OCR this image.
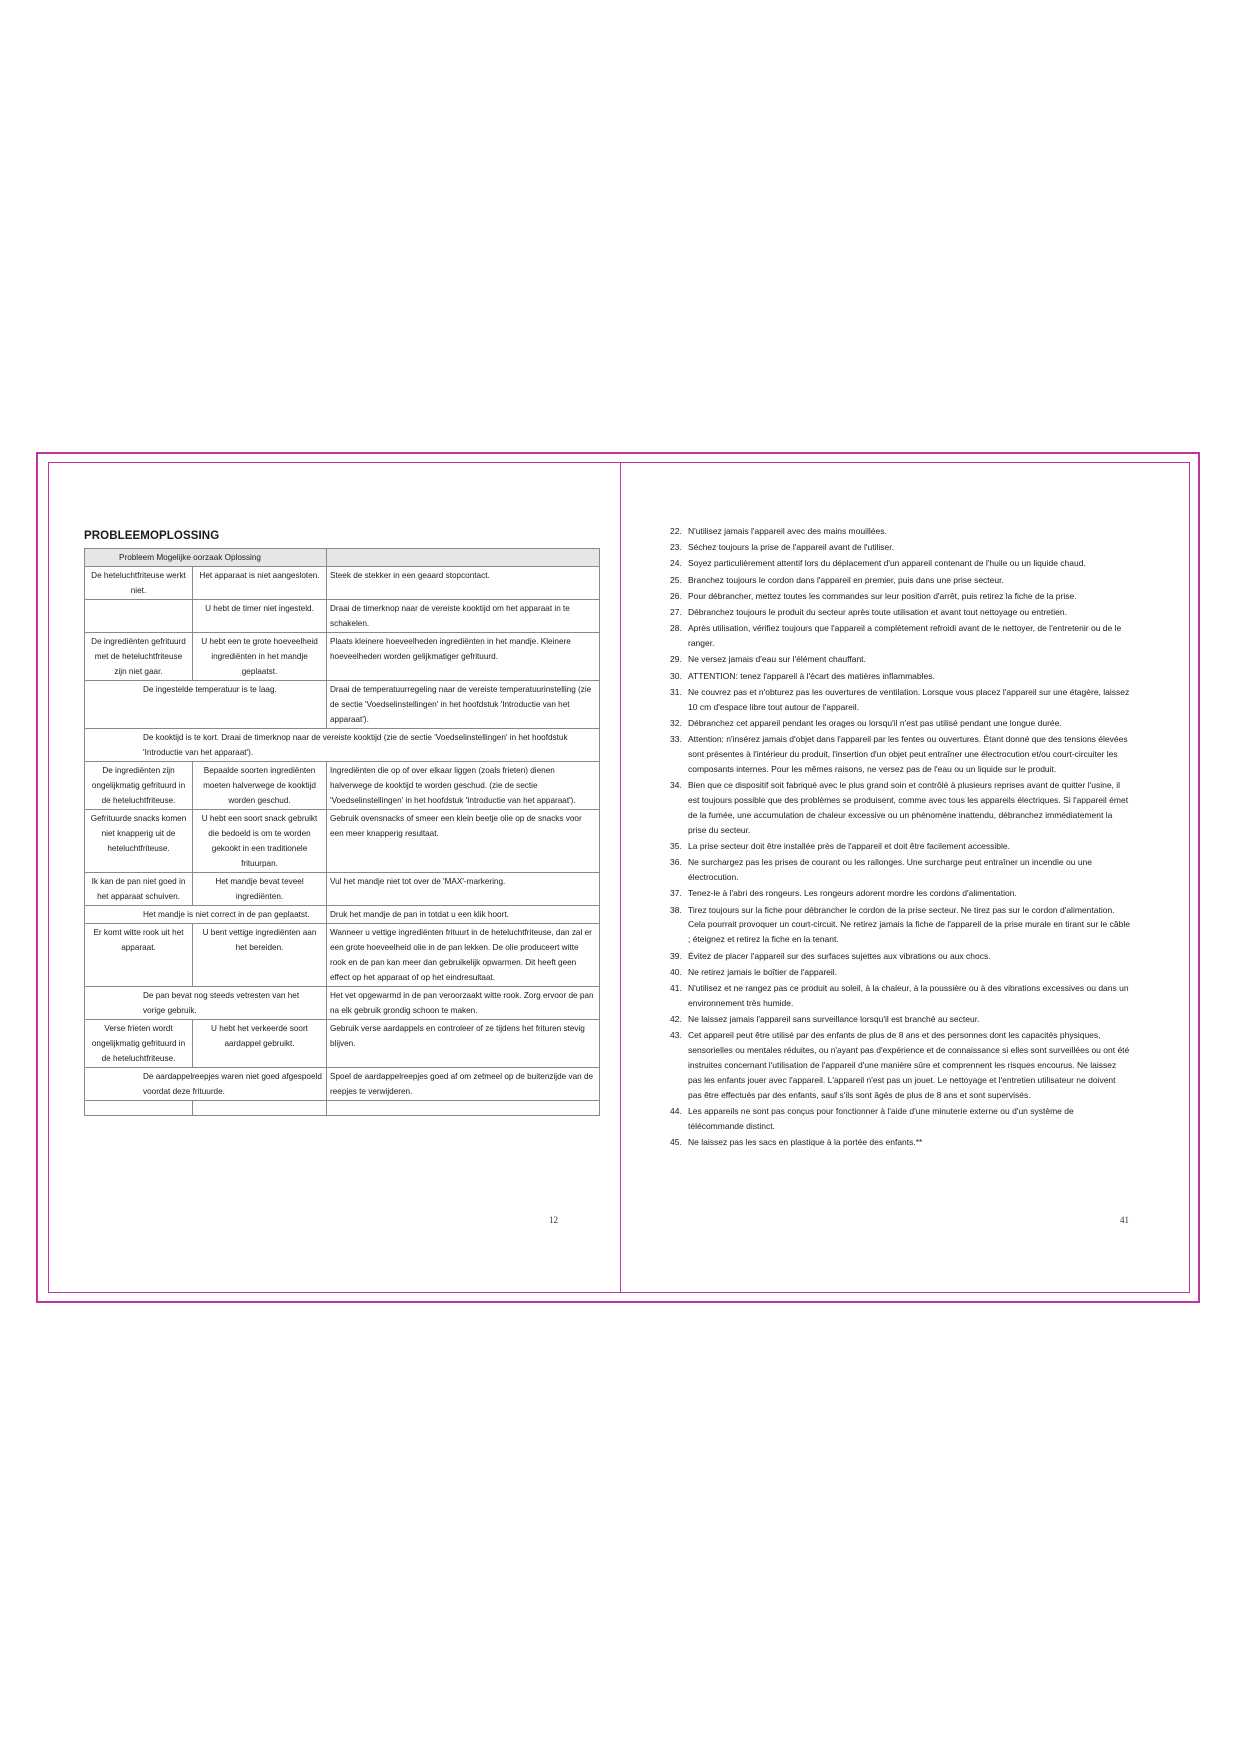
PROBLEEMOPLOSSING
Probleem Mogelijke oorzaak Oplossing		
De heteluchtfriteuse werkt niet.	Het apparaat is niet aangesloten.	Steek de stekker in een geaard stopcontact.
	U hebt de timer niet ingesteld.	Draai de timerknop naar de vereiste kooktijd om het apparaat in te schakelen.
De ingrediënten gefrituurd met de heteluchtfriteuse zijn niet gaar.	U hebt een te grote hoeveelheid ingrediënten in het mandje geplaatst.	Plaats kleinere hoeveelheden ingrediënten in het mandje. Kleinere hoeveelheden worden gelijkmatiger gefrituurd.
De ingestelde temperatuur is te laag.		Draai de temperatuurregeling naar de vereiste temperatuurinstelling (zie de sectie 'Voedselinstellingen' in het hoofdstuk 'Introductie van het apparaat').
De kooktijd is te kort. Draai de timerknop naar de vereiste kooktijd (zie de sectie 'Voedselinstellingen' in het hoofdstuk 'Introductie van het apparaat').		
De ingrediënten zijn ongelijkmatig gefrituurd in de heteluchtfriteuse.	Bepaalde soorten ingrediënten moeten halverwege de kooktijd worden geschud.	Ingrediënten die op of over elkaar liggen (zoals frieten) dienen halverwege de kooktijd te worden geschud. (zie de sectie 'Voedselinstellingen' in het hoofdstuk 'Introductie van het apparaat').
Gefrituurde snacks komen niet knapperig uit de heteluchtfriteuse.	U hebt een soort snack gebruikt die bedoeld is om te worden gekookt in een traditionele frituurpan.	Gebruik ovensnacks of smeer een klein beetje olie op de snacks voor een meer knapperig resultaat.
Ik kan de pan niet goed in het apparaat schuiven.	Het mandje bevat teveel ingrediënten.	Vul het mandje niet tot over de 'MAX'-markering.
Het mandje is niet correct in de pan geplaatst.		Druk het mandje de pan in totdat u een klik hoort.
Er komt witte rook uit het apparaat.	U bent vettige ingrediënten aan het bereiden.	Wanneer u vettige ingrediënten frituurt in de heteluchtfriteuse, dan zal er een grote hoeveelheid olie in de pan lekken. De olie produceert witte rook en de pan kan meer dan gebruikelijk opwarmen. Dit heeft geen effect op het apparaat of op het eindresultaat.
De pan bevat nog steeds vetresten van het vorige gebruik.		Het vet opgewarmd in de pan veroorzaakt witte rook. Zorg ervoor de pan na elk gebruik grondig schoon te maken.
Verse frieten wordt ongelijkmatig gefrituurd in de heteluchtfriteuse.	U hebt het verkeerde soort aardappel gebruikt.	Gebruik verse aardappels en controleer of ze tijdens het frituren stevig blijven.
De aardappelreepjes waren niet goed afgespoeld voordat deze frituurde.		Spoel de aardappelreepjes goed af om zetmeel op de buitenzijde van de reepjes te verwijderen.

12
22. N'utilisez jamais l'appareil avec des mains mouillées.
23. Séchez toujours la prise de l'appareil avant de l'utiliser.
24. Soyez particulièrement attentif lors du déplacement d'un appareil contenant de l'huile ou un liquide chaud.
25. Branchez toujours le cordon dans l'appareil en premier, puis dans une prise secteur.
26. Pour débrancher, mettez toutes les commandes sur leur position d'arrêt, puis retirez la fiche de la prise.
27. Débranchez toujours le produit du secteur après toute utilisation et avant tout nettoyage ou entretien.
28. Après utilisation, vérifiez toujours que l'appareil a complètement refroidi avant de le nettoyer, de l'entretenir ou de le ranger.
29. Ne versez jamais d'eau sur l'élément chauffant.
30. ATTENTION: tenez l'appareil à l'écart des matières inflammables.
31. Ne couvrez pas et n'obturez pas les ouvertures de ventilation. Lorsque vous placez l'appareil sur une étagère, laissez 10 cm d'espace libre tout autour de l'appareil.
32. Débranchez cet appareil pendant les orages ou lorsqu'il n'est pas utilisé pendant une longue durée.
33. Attention: n'insérez jamais d'objet dans l'appareil par les fentes ou ouvertures. Étant donné que des tensions élevées sont présentes à l'intérieur du produit, l'insertion d'un objet peut entraîner une électrocution et/ou court-circuiter les composants internes. Pour les mêmes raisons, ne versez pas de l'eau ou un liquide sur le produit.
34. Bien que ce dispositif soit fabriqué avec le plus grand soin et contrôlé à plusieurs reprises avant de quitter l'usine, il est toujours possible que des problèmes se produisent, comme avec tous les appareils électriques. Si l'appareil émet de la fumée, une accumulation de chaleur excessive ou un phénomène inattendu, débranchez immédiatement la prise du secteur.
35. La prise secteur doit être installée près de l'appareil et doit être facilement accessible.
36. Ne surchargez pas les prises de courant ou les rallonges. Une surcharge peut entraîner un incendie ou une électrocution.
37. Tenez-le à l'abri des rongeurs. Les rongeurs adorent mordre les cordons d'alimentation.
38. Tirez toujours sur la fiche pour débrancher le cordon de la prise secteur. Ne tirez pas sur le cordon d'alimentation. Cela pourrait provoquer un court-circuit. Ne retirez jamais la fiche de l'appareil de la prise murale en tirant sur le câble ; éteignez et retirez la fiche en la tenant.
39. Évitez de placer l'appareil sur des surfaces sujettes aux vibrations ou aux chocs.
40. Ne retirez jamais le boîtier de l'appareil.
41. N'utilisez et ne rangez pas ce produit au soleil, à la chaleur, à la poussière ou à des vibrations excessives ou dans un environnement très humide.
42. Ne laissez jamais l'appareil sans surveillance lorsqu'il est branché au secteur.
43. Cet appareil peut être utilisé par des enfants de plus de 8 ans et des personnes dont les capacités physiques, sensorielles ou mentales réduites, ou n'ayant pas d'expérience et de connaissance si elles sont surveillées ou ont été instruites concernant l'utilisation de l'appareil d'une manière sûre et comprennent les risques encourus. Ne laissez pas les enfants jouer avec l'appareil. L'appareil n'est pas un jouet. Le nettoyage et l'entretien utilisateur ne doivent pas être effectués par des enfants, sauf s'ils sont âgés de plus de 8 ans et sont supervisés.
44. Les appareils ne sont pas conçus pour fonctionner à l'aide d'une minuterie externe ou d'un système de télécommande distinct.
45. Ne laissez pas les sacs en plastique à la portée des enfants.**
41
